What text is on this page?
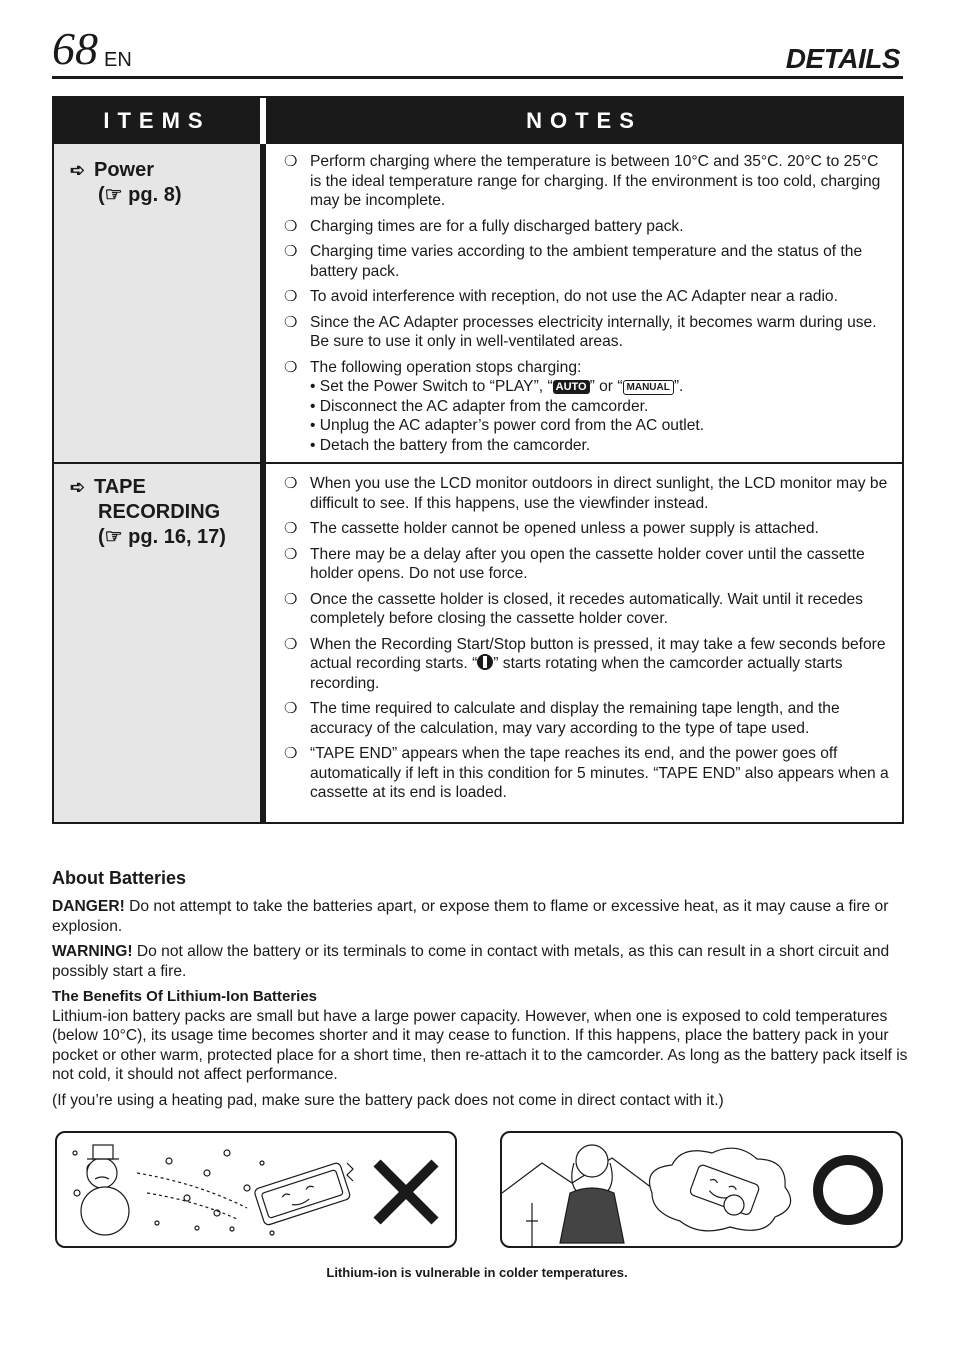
68 EN	DETAILS
ITEMS	NOTES
➪ Power
(☞ pg. 8)
❍ Perform charging where the temperature is between 10°C and 35°C. 20°C to 25°C is the ideal temperature range for charging. If the environment is too cold, charging may be incomplete.
❍ Charging times are for a fully discharged battery pack.
❍ Charging time varies according to the ambient temperature and the status of the battery pack.
❍ To avoid interference with reception, do not use the AC Adapter near a radio.
❍ Since the AC Adapter processes electricity internally, it becomes warm during use. Be sure to use it only in well-ventilated areas.
❍ The following operation stops charging:
• Set the Power Switch to “PLAY”, “ AUTO ” or “ MANUAL ”.
• Disconnect the AC adapter from the camcorder.
• Unplug the AC adapter’s power cord from the AC outlet.
• Detach the battery from the camcorder.
➪ TAPE
RECORDING
(☞ pg. 16, 17)
❍ When you use the LCD monitor outdoors in direct sunlight, the LCD monitor may be difficult to see. If this happens, use the viewfinder instead.
❍ The cassette holder cannot be opened unless a power supply is attached.
❍ There may be a delay after you open the cassette holder cover until the cassette holder opens. Do not use force.
❍ Once the cassette holder is closed, it recedes automatically. Wait until it recedes completely before closing the cassette holder cover.
❍ When the Recording Start/Stop button is pressed, it may take a few seconds before actual recording starts. “ ” starts rotating when the camcorder actually starts recording.
❍ The time required to calculate and display the remaining tape length, and the accuracy of the calculation, may vary according to the type of tape used.
❍ “TAPE END” appears when the tape reaches its end, and the power goes off automatically if left in this condition for 5 minutes. “TAPE END” also appears when a cassette at its end is loaded.
About Batteries
DANGER! Do not attempt to take the batteries apart, or expose them to flame or excessive heat, as it may cause a fire or explosion.
WARNING! Do not allow the battery or its terminals to come in contact with metals, as this can result in a short circuit and possibly start a fire.
The Benefits Of Lithium-Ion Batteries
Lithium-ion battery packs are small but have a large power capacity. However, when one is exposed to cold temperatures (below 10°C), its usage time becomes shorter and it may cease to function. If this happens, place the battery pack in your pocket or other warm, protected place for a short time, then re-attach it to the camcorder. As long as the battery pack itself is not cold, it should not affect performance.
(If you’re using a heating pad, make sure the battery pack does not come in direct contact with it.)
Lithium-ion is vulnerable in colder temperatures.
